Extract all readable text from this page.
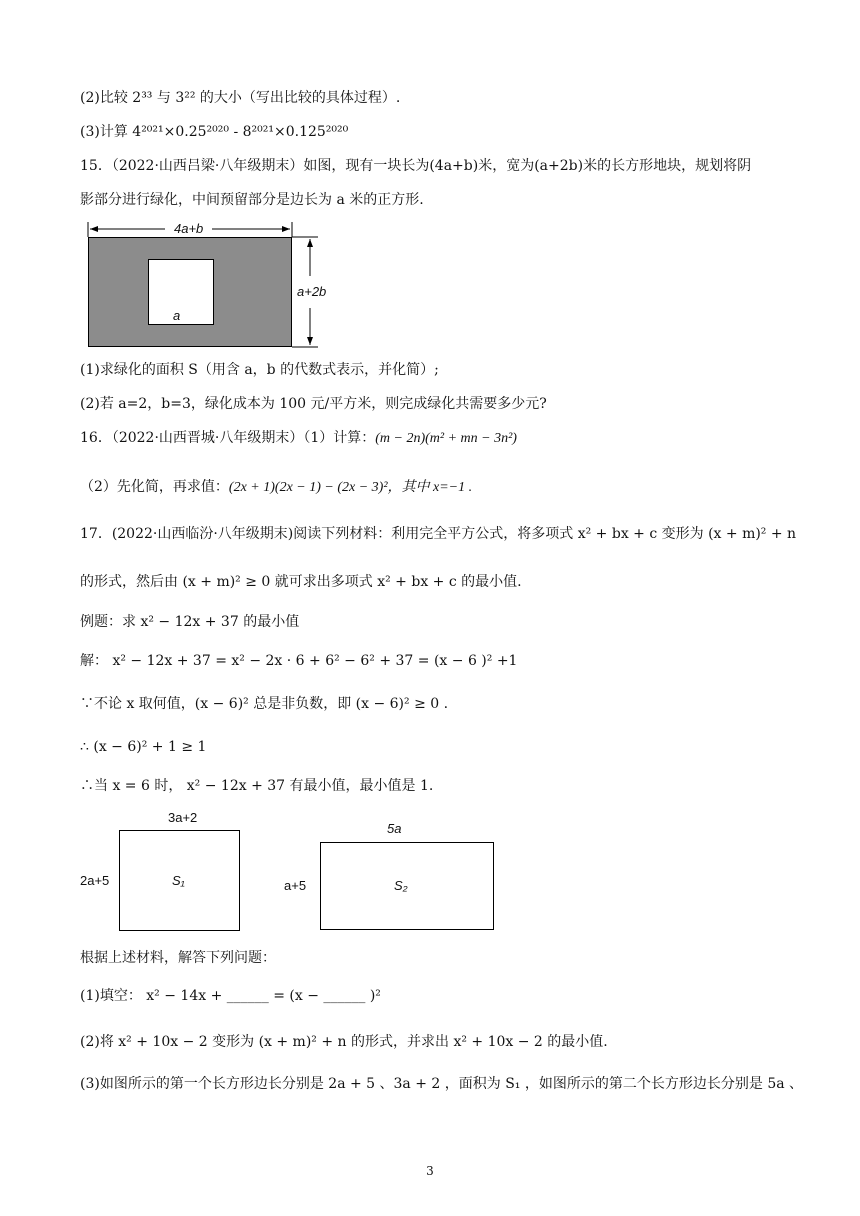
(2)比较 2³³ 与 3²² 的大小（写出比较的具体过程）.
(3)计算 4²⁰²¹×0.25²⁰²⁰ ‐ 8²⁰²¹×0.125²⁰²⁰
15．（2022·山西吕梁·八年级期末）如图，现有一块长为(4a+b)米，宽为(a+2b)米的长方形地块，规划将阴
影部分进行绿化，中间预留部分是边长为 a 米的正方形.
4a+b
a+2b
a
(1)求绿化的面积 S（用含 a，b 的代数式表示，并化简）;
(2)若 a=2，b=3，绿化成本为 100 元/平方米，则完成绿化共需要多少元?
16．（2022·山西晋城·八年级期末）（1）计算：(m − 2n)(m² + mn − 3n²)
（2）先化简，再求值：(2x + 1)(2x − 1) − (2x − 3)²，其中 x=−1 .
17．(2022·山西临汾·八年级期末)阅读下列材料：利用完全平方公式，将多项式 x² + bx + c 变形为 (x + m)² + n
的形式，然后由 (x + m)² ≥ 0 就可求出多项式 x² + bx + c 的最小值.
例题：求 x² − 12x + 37 的最小值
解： x² − 12x + 37 = x² − 2x · 6 + 6² − 6² + 37 = (x − 6 )² +1
∵不论 x 取何值，(x − 6)² 总是非负数，即 (x − 6)² ≥ 0 .
∴ (x − 6)² + 1 ≥ 1
∴当 x = 6 时， x² − 12x + 37 有最小值，最小值是 1.
3a+2
2a+5	S₁
5a
a+5	S₂
根据上述材料，解答下列问题：
(1)填空： x² − 14x + ______ = (x − ______ )²
(2)将 x² + 10x − 2 变形为 (x + m)² + n 的形式，并求出 x² + 10x − 2 的最小值.
(3)如图所示的第一个长方形边长分别是 2a + 5 、3a + 2 ，面积为 S₁ ，如图所示的第二个长方形边长分别是 5a 、
3
